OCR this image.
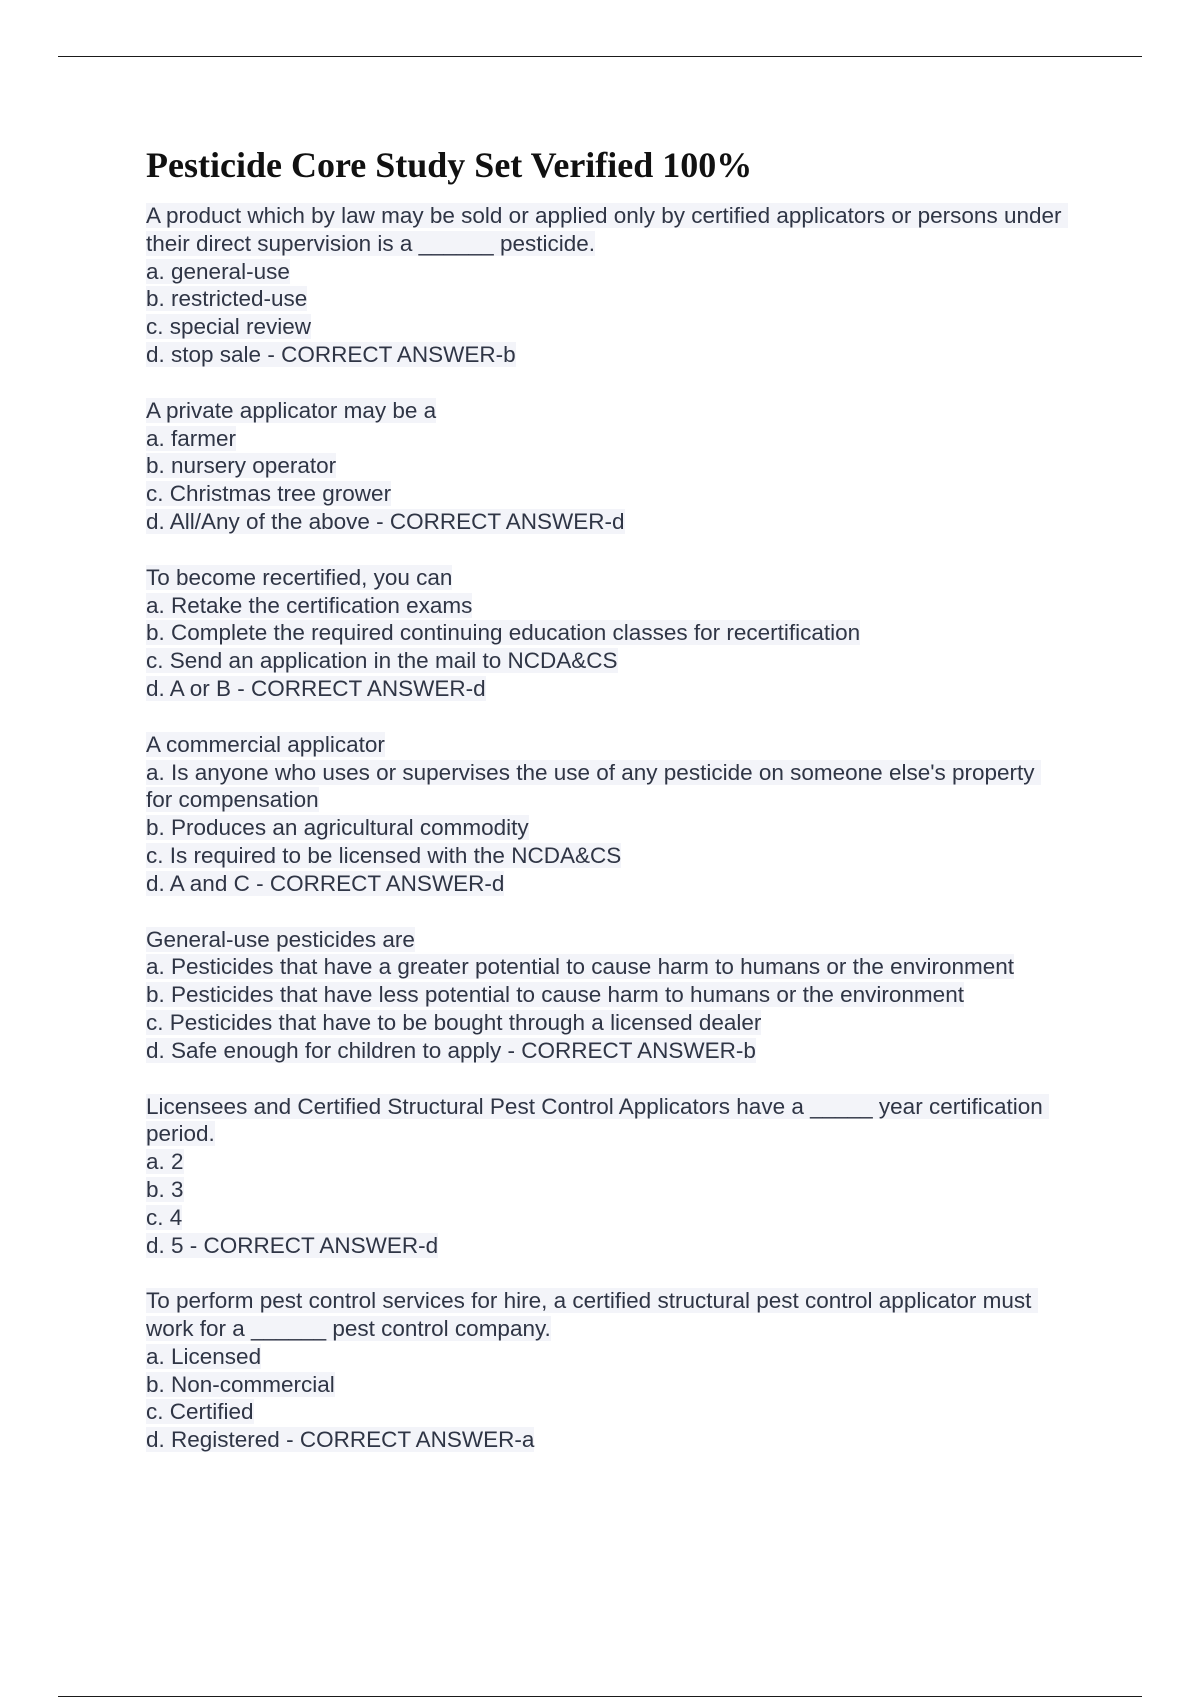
Pesticide Core Study Set Verified 100%
A product which by law may be sold or applied only by certified applicators or persons under their direct supervision is a ______ pesticide.
a. general-use
b. restricted-use
c. special review
d. stop sale - CORRECT ANSWER-b
A private applicator may be a
a. farmer
b. nursery operator
c. Christmas tree grower
d. All/Any of the above - CORRECT ANSWER-d
To become recertified, you can
a. Retake the certification exams
b. Complete the required continuing education classes for recertification
c. Send an application in the mail to NCDA&CS
d. A or B - CORRECT ANSWER-d
A commercial applicator
a. Is anyone who uses or supervises the use of any pesticide on someone else's property for compensation
b. Produces an agricultural commodity
c. Is required to be licensed with the NCDA&CS
d. A and C - CORRECT ANSWER-d
General-use pesticides are
a. Pesticides that have a greater potential to cause harm to humans or the environment
b. Pesticides that have less potential to cause harm to humans or the environment
c. Pesticides that have to be bought through a licensed dealer
d. Safe enough for children to apply - CORRECT ANSWER-b
Licensees and Certified Structural Pest Control Applicators have a _____ year certification period.
a. 2
b. 3
c. 4
d. 5 - CORRECT ANSWER-d
To perform pest control services for hire, a certified structural pest control applicator must work for a ______ pest control company.
a. Licensed
b. Non-commercial
c. Certified
d. Registered - CORRECT ANSWER-a
